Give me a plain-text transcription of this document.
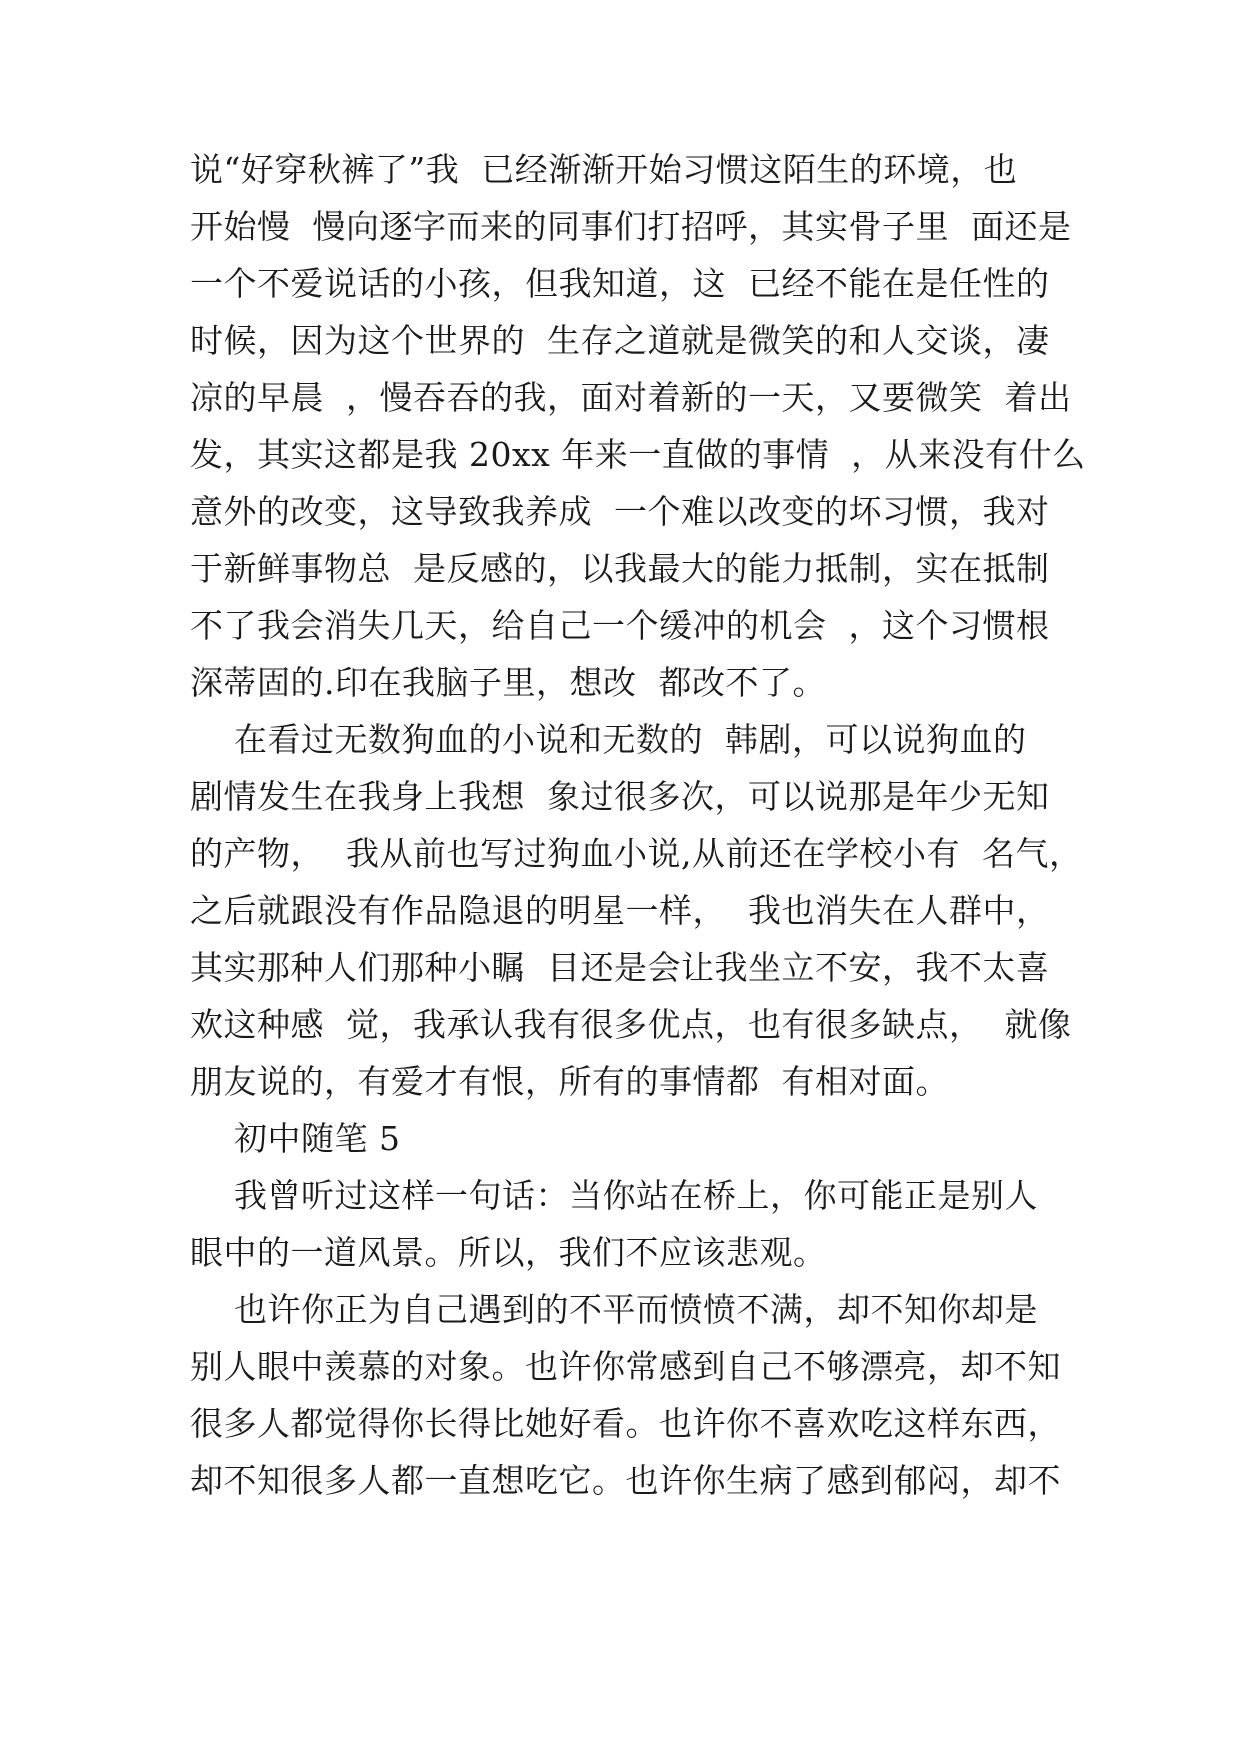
说“好穿秋裤了”我  已经渐渐开始习惯这陌生的环境，也
开始慢  慢向逐字而来的同事们打招呼，其实骨子里  面还是
一个不爱说话的小孩，但我知道，这  已经不能在是任性的
时候，因为这个世界的  生存之道就是微笑的和人交谈，凄
凉的早晨  ，慢吞吞的我，面对着新的一天，又要微笑  着出
发，其实这都是我 20xx 年来一直做的事情  ，从来没有什么
意外的改变，这导致我养成  一个难以改变的坏习惯，我对
于新鲜事物总  是反感的，以我最大的能力抵制，实在抵制
不了我会消失几天，给自己一个缓冲的机会  ，这个习惯根
深蒂固的.印在我脑子里，想改  都改不了。
在看过无数狗血的小说和无数的  韩剧，可以说狗血的
剧情发生在我身上我想  象过很多次，可以说那是年少无知
的产物，  我从前也写过狗血小说,从前还在学校小有  名气，
之后就跟没有作品隐退的明星一样，  我也消失在人群中，
其实那种人们那种小瞩  目还是会让我坐立不安，我不太喜
欢这种感  觉，我承认我有很多优点，也有很多缺点，  就像
朋友说的，有爱才有恨，所有的事情都  有相对面。
初中随笔 5
我曾听过这样一句话：当你站在桥上，你可能正是别人
眼中的一道风景。所以，我们不应该悲观。
也许你正为自己遇到的不平而愤愤不满，却不知你却是
别人眼中羡慕的对象。也许你常感到自己不够漂亮，却不知
很多人都觉得你长得比她好看。也许你不喜欢吃这样东西，
却不知很多人都一直想吃它。也许你生病了感到郁闷，却不
